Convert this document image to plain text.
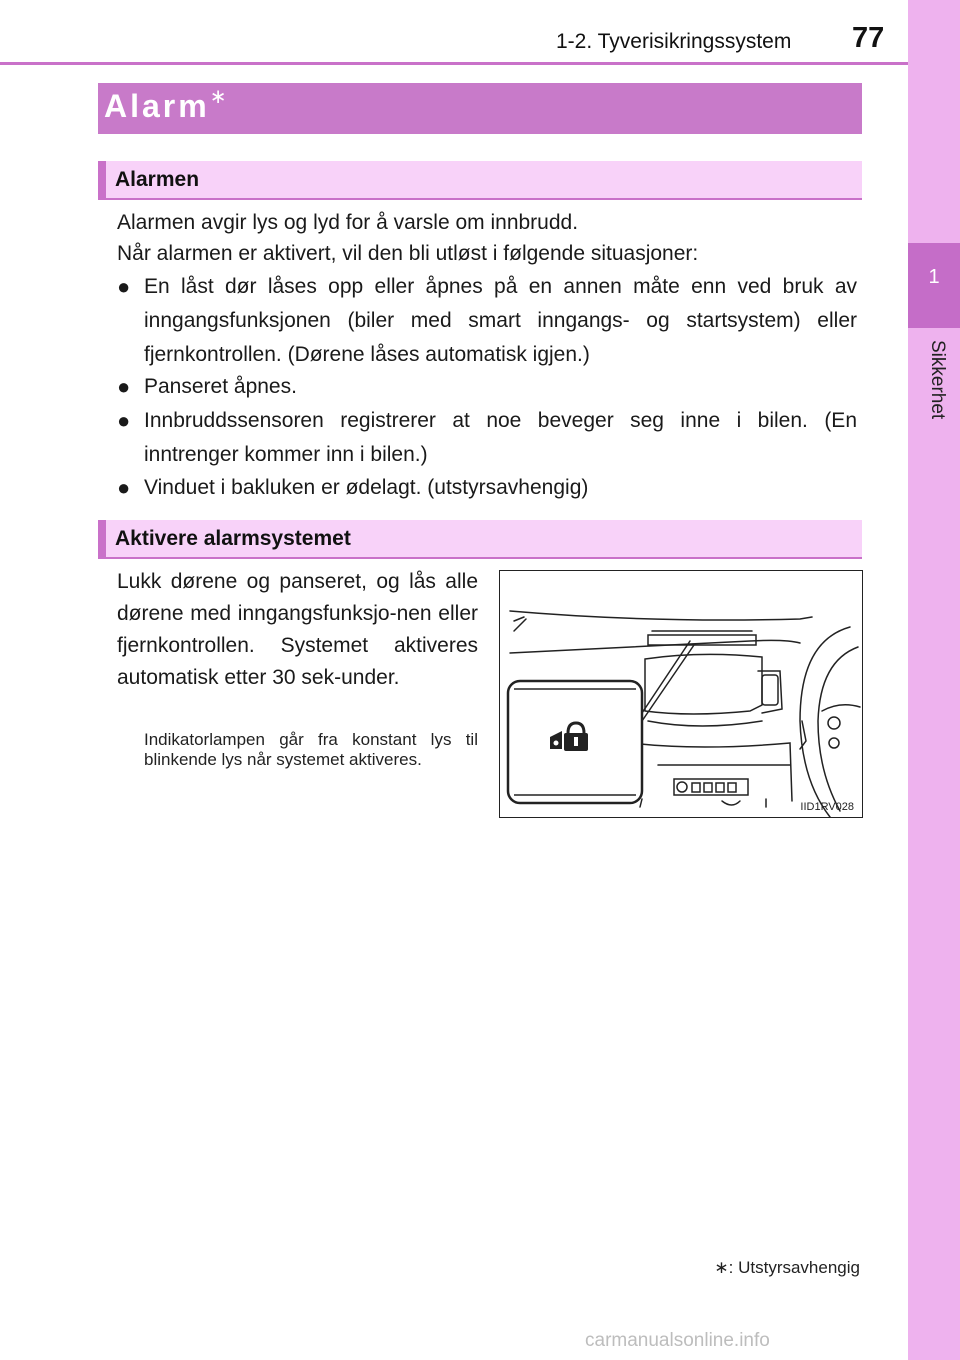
1-2. Tyverisikringssystem 77
1
Sikkerhet
Alarm∗
Alarmen
Alarmen avgir lys og lyd for å varsle om innbrudd.
Når alarmen er aktivert, vil den bli utløst i følgende situasjoner:
● En låst dør låses opp eller åpnes på en annen måte enn ved bruk av inngangsfunksjonen (biler med smart inngangs- og startsystem) eller fjernkontrollen. (Dørene låses automatisk igjen.)
● Panseret åpnes.
● Innbruddssensoren registrerer at noe beveger seg inne i bilen. (En inntrenger kommer inn i bilen.)
● Vinduet i bakluken er ødelagt. (utstyrsavhengig)
Aktivere alarmsystemet
Lukk dørene og panseret, og lås alle dørene med inngangsfunksjo-nen eller fjernkontrollen. Systemet aktiveres automatisk etter 30 sek-under.
Indikatorlampen går fra konstant lys til blinkende lys når systemet aktiveres.
IID1RV028
∗: Utstyrsavhengig
carmanualsonline.info
